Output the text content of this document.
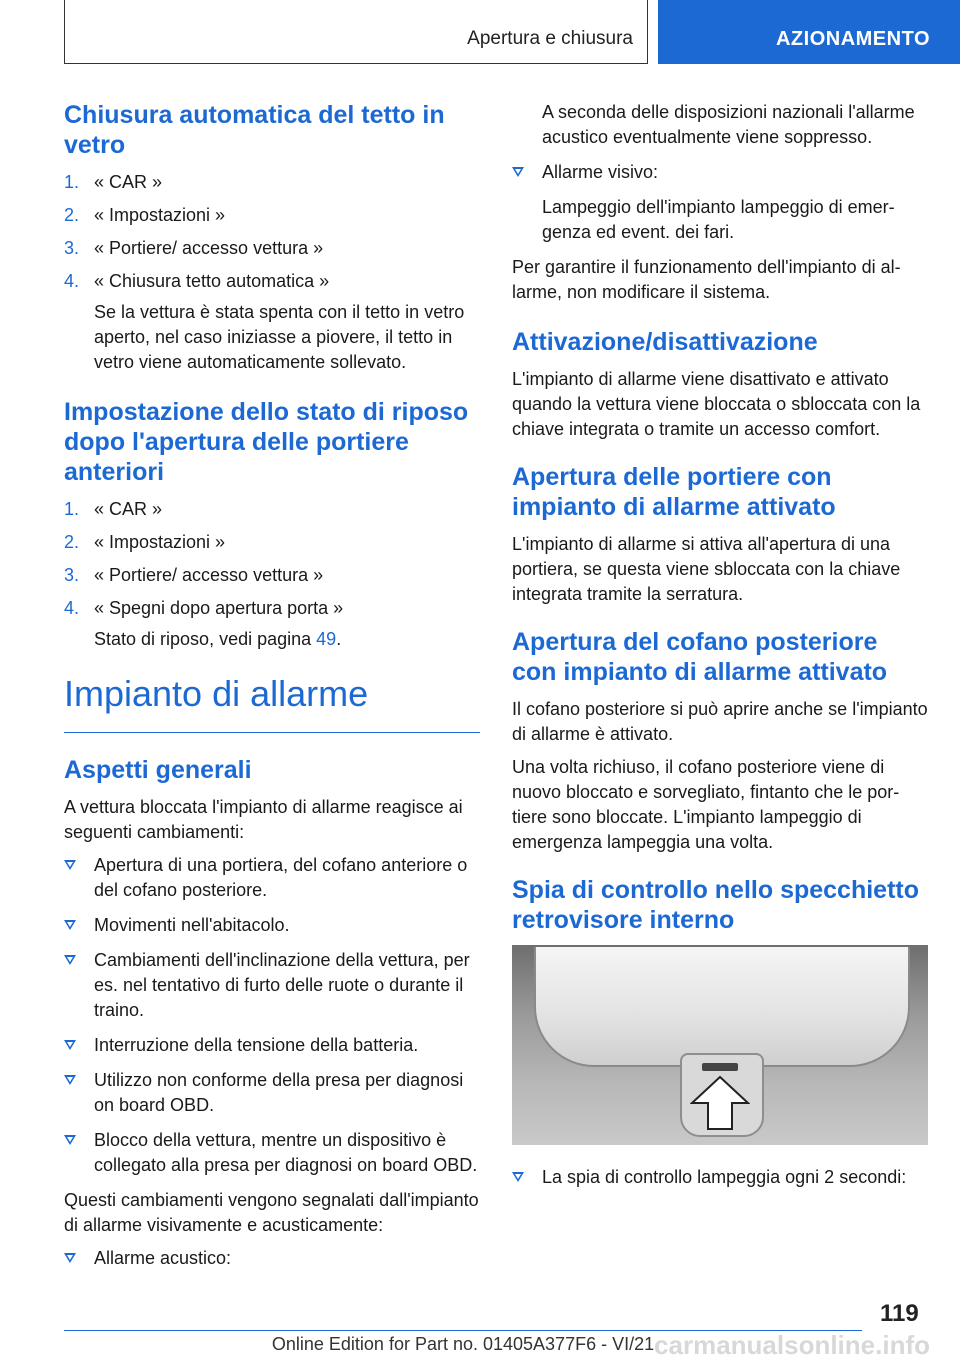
Apertura e chiusura	AZIONAMENTO
Chiusura automatica del tetto in vetro
1. « CAR »
2. « Impostazioni »
3. « Portiere/ accesso vettura »
4. « Chiusura tetto automatica »
Se la vettura è stata spenta con il tetto in vetro aperto, nel caso iniziasse a piovere, il tetto in vetro viene automaticamente sollevato.
Impostazione dello stato di riposo dopo l'apertura delle portiere anteriori
1. « CAR »
2. « Impostazioni »
3. « Portiere/ accesso vettura »
4. « Spegni dopo apertura porta »
Stato di riposo, vedi pagina 49.
Impianto di allarme
Aspetti generali

A vettura bloccata l'impianto di allarme reagisce ai seguenti cambiamenti:

Apertura di una portiera, del cofano anteriore o del cofano posteriore.
Movimenti nell'abitacolo.
Cambiamenti dell'inclinazione della vettura, per es. nel tentativo di furto delle ruote o durante il traino.
Interruzione della tensione della batteria.
Utilizzo non conforme della presa per diagnosi on board OBD.
Blocco della vettura, mentre un dispositivo è collegato alla presa per diagnosi on board OBD.

Questi cambiamenti vengono segnalati dall'impianto di allarme visivamente e acusticamente:

Allarme acustico:
A seconda delle disposizioni nazionali l'allarme acustico eventualmente viene soppresso.
Allarme visivo:
Lampeggio dell'impianto lampeggio di emergenza ed event. dei fari.

Per garantire il funzionamento dell'impianto di allarme, non modificare il sistema.

Attivazione/disattivazione

L'impianto di allarme viene disattivato e attivato quando la vettura viene bloccata o sbloccata con la chiave integrata o tramite un accesso comfort.

Apertura delle portiere con impianto di allarme attivato

L'impianto di allarme si attiva all'apertura di una portiera, se questa viene sbloccata con la chiave integrata tramite la serratura.

Apertura del cofano posteriore con impianto di allarme attivato

Il cofano posteriore si può aprire anche se l'impianto di allarme è attivato.

Una volta richiuso, il cofano posteriore viene di nuovo bloccato e sorvegliato, fintanto che le portiere sono bloccate. L'impianto lampeggio di emergenza lampeggia una volta.

Spia di controllo nello specchietto retrovisore interno
La spia di controllo lampeggia ogni 2 secondi:
119
Online Edition for Part no. 01405A377F6 - VI/21 carmanualsonline.info
